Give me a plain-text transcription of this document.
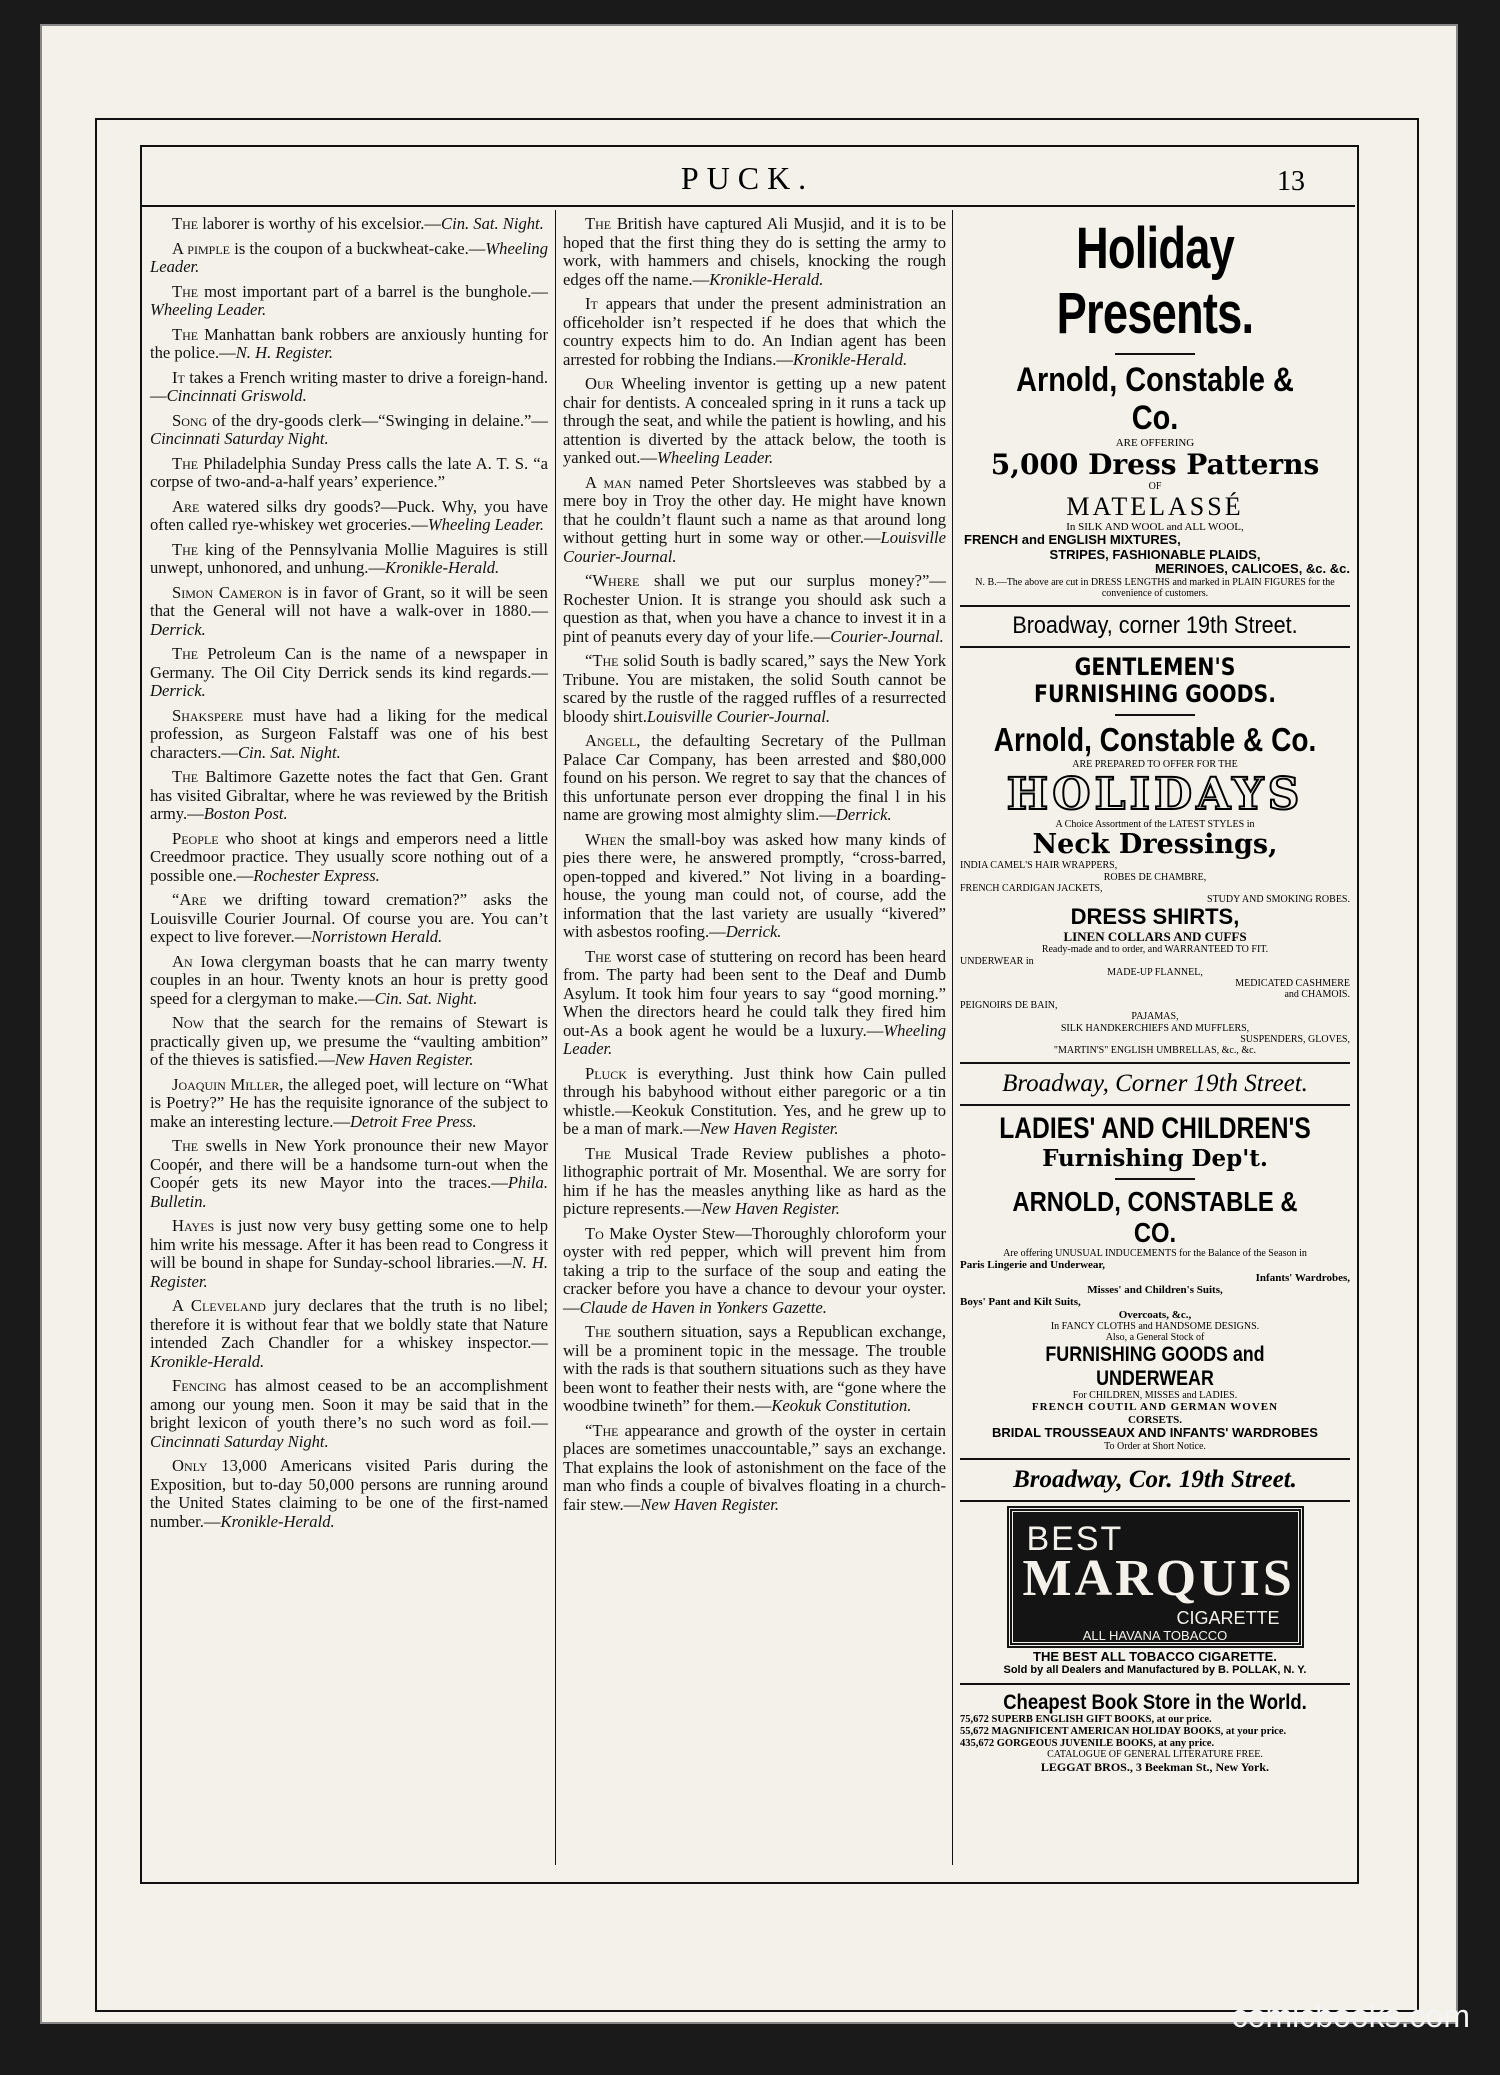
PUCK.	13

The laborer is worthy of his excelsior.—Cin. Sat. Night.

A pimple is the coupon of a buckwheat-cake.—Wheeling Leader.

The most important part of a barrel is the bunghole.—Wheeling Leader.

The Manhattan bank robbers are anxiously hunting for the police.—N. H. Register.

It takes a French writing master to drive a foreign-hand.—Cincinnati Griswold.

Song of the dry-goods clerk—“Swinging in delaine.”—Cincinnati Saturday Night.

The Philadelphia Sunday Press calls the late A. T. S. “a corpse of two-and-a-half years’ experience.”

Are watered silks dry goods?—Puck. Why, you have often called rye-whiskey wet groceries.—Wheeling Leader.

The king of the Pennsylvania Mollie Maguires is still unwept, unhonored, and unhung.—Kronikle-Herald.

Simon Cameron is in favor of Grant, so it will be seen that the General will not have a walk-over in 1880.—Derrick.

The Petroleum Can is the name of a newspaper in Germany. The Oil City Derrick sends its kind regards.—Derrick.

Shakspere must have had a liking for the medical profession, as Surgeon Falstaff was one of his best characters.—Cin. Sat. Night.

The Baltimore Gazette notes the fact that Gen. Grant has visited Gibraltar, where he was reviewed by the British army.—Boston Post.

People who shoot at kings and emperors need a little Creedmoor practice. They usually score nothing out of a possible one.—Rochester Express.

“Are we drifting toward cremation?” asks the Louisville Courier Journal. Of course you are. You can’t expect to live forever.—Norristown Herald.

An Iowa clergyman boasts that he can marry twenty couples in an hour. Twenty knots an hour is pretty good speed for a clergyman to make.—Cin. Sat. Night.

Now that the search for the remains of Stewart is practically given up, we presume the “vaulting ambition” of the thieves is satisfied.—New Haven Register.

Joaquin Miller, the alleged poet, will lecture on “What is Poetry?” He has the requisite ignorance of the subject to make an interesting lecture.—Detroit Free Press.

The swells in New York pronounce their new Mayor Coopér, and there will be a handsome turn-out when the Coopér gets its new Mayor into the traces.—Phila. Bulletin.

Hayes is just now very busy getting some one to help him write his message. After it has been read to Congress it will be bound in shape for Sunday-school libraries.—N. H. Register.

A Cleveland jury declares that the truth is no libel; therefore it is without fear that we boldly state that Nature intended Zach Chandler for a whiskey inspector.—Kronikle-Herald.

Fencing has almost ceased to be an accomplishment among our young men. Soon it may be said that in the bright lexicon of youth there’s no such word as foil.—Cincinnati Saturday Night.

Only 13,000 Americans visited Paris during the Exposition, but to-day 50,000 persons are running around the United States claiming to be one of the first-named number.—Kronikle-Herald.

The British have captured Ali Musjid, and it is to be hoped that the first thing they do is setting the army to work, with hammers and chisels, knocking the rough edges off the name.—Kronikle-Herald.

It appears that under the present administration an officeholder isn’t respected if he does that which the country expects him to do. An Indian agent has been arrested for robbing the Indians.—Kronikle-Herald.

Our Wheeling inventor is getting up a new patent chair for dentists. A concealed spring in it runs a tack up through the seat, and while the patient is howling, and his attention is diverted by the attack below, the tooth is yanked out.—Wheeling Leader.

A man named Peter Shortsleeves was stabbed by a mere boy in Troy the other day. He might have known that he couldn’t flaunt such a name as that around long without getting hurt in some way or other.—Louisville Courier-Journal.

“Where shall we put our surplus money?”—Rochester Union. It is strange you should ask such a question as that, when you have a chance to invest it in a pint of peanuts every day of your life.—Courier-Journal.

“The solid South is badly scared,” says the New York Tribune. You are mistaken, the solid South cannot be scared by the rustle of the ragged ruffles of a resurrected bloody shirt.Louisville Courier-Journal.

Angell, the defaulting Secretary of the Pullman Palace Car Company, has been arrested and $80,000 found on his person. We regret to say that the chances of this unfortunate person ever dropping the final l in his name are growing most almighty slim.—Derrick.

When the small-boy was asked how many kinds of pies there were, he answered promptly, “cross-barred, open-topped and kivered.” Not living in a boarding-house, the young man could not, of course, add the information that the last variety are usually “kivered” with asbestos roofing.—Derrick.

The worst case of stuttering on record has been heard from. The party had been sent to the Deaf and Dumb Asylum. It took him four years to say “good morning.” When the directors heard he could talk they fired him out-As a book agent he would be a luxury.—Wheeling Leader.

Pluck is everything. Just think how Cain pulled through his babyhood without either paregoric or a tin whistle.—Keokuk Constitution. Yes, and he grew up to be a man of mark.—New Haven Register.

The Musical Trade Review publishes a photo-lithographic portrait of Mr. Mosenthal. We are sorry for him if he has the measles anything like as hard as the picture represents.—New Haven Register.

To Make Oyster Stew—Thoroughly chloroform your oyster with red pepper, which will prevent him from taking a trip to the surface of the soup and eating the cracker before you have a chance to devour your oyster.—Claude de Haven in Yonkers Gazette.

The southern situation, says a Republican exchange, will be a prominent topic in the message. The trouble with the rads is that southern situations such as they have been wont to feather their nests with, are “gone where the woodbine twineth” for them.—Keokuk Constitution.

“The appearance and growth of the oyster in certain places are sometimes unaccountable,” says an exchange. That explains the look of astonishment on the face of the man who finds a couple of bivalves floating in a church-fair stew.—New Haven Register.

Holiday Presents.
Arnold, Constable & Co.
ARE OFFERING
5,000 Dress Patterns
OF
MATELASSÉ
In SILK AND WOOL and ALL WOOL,
FRENCH and ENGLISH MIXTURES,
STRIPES, FASHIONABLE PLAIDS,
MERINOES, CALICOES, &c. &c.
N. B.—The above are cut in DRESS LENGTHS and marked in PLAIN FIGURES for the convenience of customers.
Broadway, corner 19th Street.
GENTLEMEN'S
FURNISHING GOODS.
Arnold, Constable & Co.
ARE PREPARED TO OFFER FOR THE
HOLIDAYS
A Choice Assortment of the LATEST STYLES in
Neck Dressings,
INDIA CAMEL'S HAIR WRAPPERS,
ROBES DE CHAMBRE,
FRENCH CARDIGAN JACKETS,
STUDY AND SMOKING ROBES.
DRESS SHIRTS,
LINEN COLLARS AND CUFFS
Ready-made and to order, and WARRANTEED TO FIT.
UNDERWEAR in
MADE-UP FLANNEL,
MEDICATED CASHMERE
and CHAMOIS.
PEIGNOIRS DE BAIN,
PAJAMAS,
SILK HANDKERCHIEFS AND MUFFLERS,
SUSPENDERS, GLOVES,
"MARTIN'S" ENGLISH UMBRELLAS, &c., &c.
Broadway, Corner 19th Street.
LADIES' AND CHILDREN'S
Furnishing Dep't.
ARNOLD, CONSTABLE & CO.
Are offering UNUSUAL INDUCEMENTS for the Balance of the Season in
Paris Lingerie and Underwear,
Infants' Wardrobes,
Misses' and Children's Suits,
Boys' Pant and Kilt Suits,
Overcoats, &c.,
In FANCY CLOTHS and HANDSOME DESIGNS.
Also, a General Stock of
FURNISHING GOODS and UNDERWEAR
For CHILDREN, MISSES and LADIES.
FRENCH COUTIL AND GERMAN WOVEN
CORSETS.
BRIDAL TROUSSEAUX AND INFANTS' WARDROBES
To Order at Short Notice.
Broadway, Cor. 19th Street.
BEST
MARQUIS
CIGARETTE
ALL HAVANA TOBACCO
THE BEST ALL TOBACCO CIGARETTE.
Sold by all Dealers and Manufactured by B. POLLAK, N. Y.
Cheapest Book Store in the World.
75,672 SUPERB ENGLISH GIFT BOOKS, at our price.
55,672 MAGNIFICENT AMERICAN HOLIDAY BOOKS, at your price.
435,672 GORGEOUS JUVENILE BOOKS, at any price.
CATALOGUE OF GENERAL LITERATURE FREE.
LEGGAT BROS., 3 Beekman St., New York.
comicbooks.com
